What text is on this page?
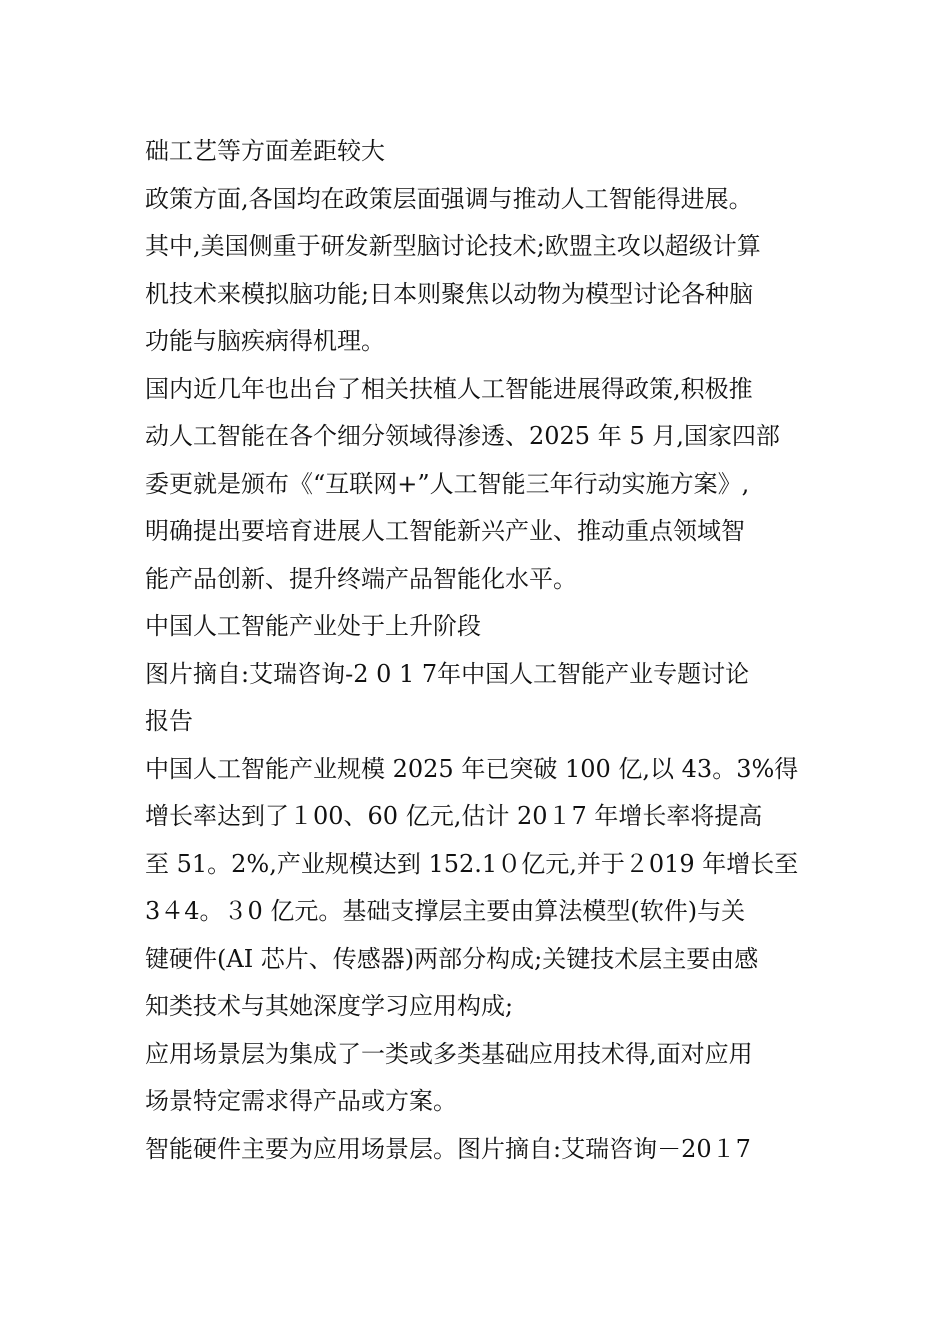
础工艺等方面差距较大
政策方面,各国均在政策层面强调与推动人工智能得进展。
其中,美国侧重于研发新型脑讨论技术;欧盟主攻以超级计算
机技术来模拟脑功能;日本则聚焦以动物为模型讨论各种脑
功能与脑疾病得机理。
国内近几年也出台了相关扶植人工智能进展得政策,积极推
动人工智能在各个细分领域得渗透、2025 年 5 月,国家四部
委更就是颁布《“互联网+”人工智能三年行动实施方案》,
明确提出要培育进展人工智能新兴产业、推动重点领域智
能产品创新、提升终端产品智能化水平。
中国人工智能产业处于上升阶段
图片摘自:艾瑞咨询-2 0 1 7年中国人工智能产业专题讨论
报告
中国人工智能产业规模 2025 年已突破 100 亿,以 43。3%得
增长率达到了１00、60 亿元,估计 20１7 年增长率将提高
至 51。2%,产业规模达到 152.1０亿元,并于２019 年增长至
3４4。３0 亿元。基础支撑层主要由算法模型(软件)与关
键硬件(AI 芯片、传感器)两部分构成;关键技术层主要由感
知类技术与其她深度学习应用构成;
应用场景层为集成了一类或多类基础应用技术得,面对应用
场景特定需求得产品或方案。
智能硬件主要为应用场景层。图片摘自:艾瑞咨询－20１7
